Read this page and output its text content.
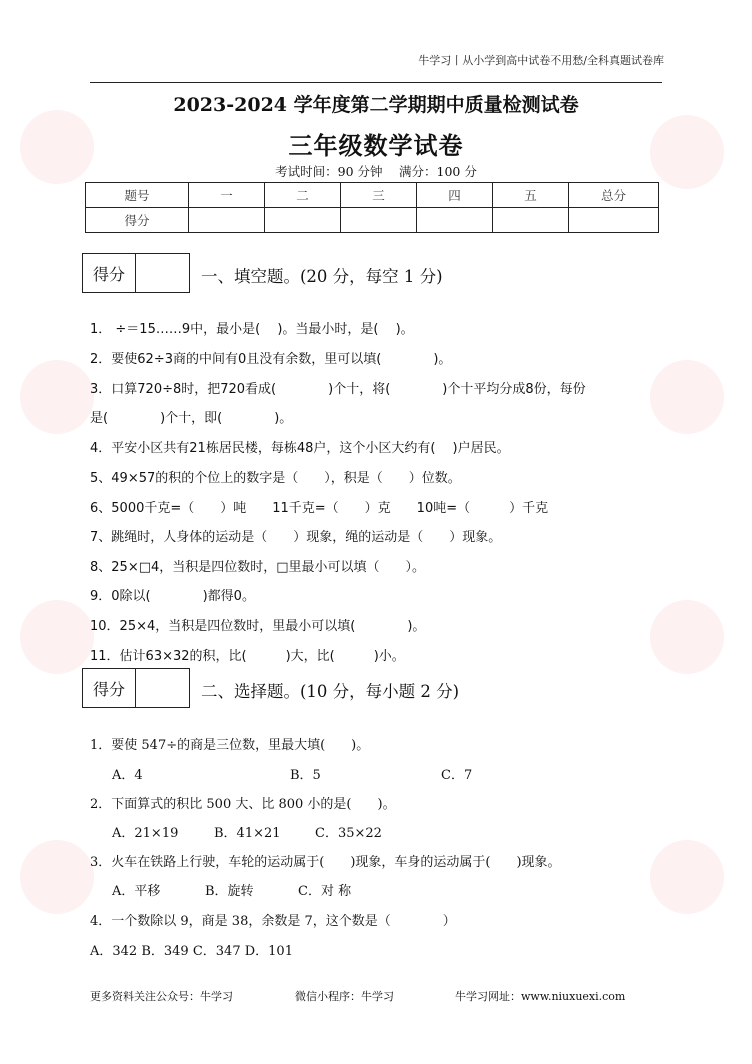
牛学习丨从小学到高中试卷不用愁/全科真题试卷库
2023-2024 学年度第二学期期中质量检测试卷
三年级数学试卷
考试时间：90 分钟　 满分：100 分
题号	一	二	三	四	五	总分
得分						
得分	一、填空题。(20 分，每空 1 分)
1． ÷＝15……9中，最小是(　 )。当最小时，是(　 )。
2．要使62÷3商的中间有0且没有余数，里可以填(　　　　)。
3．口算720÷8时，把720看成(　　　　)个十，将(　　　　)个十平均分成8份，每份
是(　　　　)个十，即(　　　　)。
4．平安小区共有21栋居民楼，每栋48户，这个小区大约有(　 )户居民。
5、49×57的积的个位上的数字是（　　），积是（　　）位数。
6、5000千克=（　　）吨　　11千克=（　　）克　　10吨=（　　　）千克
7、跳绳时，人身体的运动是（　　）现象，绳的运动是（　　）现象。
8、25×□4，当积是四位数时，□里最小可以填（　　）。
9．0除以(　　　　)都得0。
10．25×4，当积是四位数时，里最小可以填(　　　　)。
11．估计63×32的积，比(　　　)大，比(　　　)小。
得分	二、选择题。(10 分，每小题 2 分)
1．要使 547÷的商是三位数，里最大填(　　)。
A．4	B．5	C．7
2．下面算式的积比 500 大、比 800 小的是(　　)。
A．21×19	B．41×21	C．35×22
3．火车在铁路上行驶，车轮的运动属于(　　)现象，车身的运动属于(　　)现象。
A．平移	B．旋转	C．对 称
4．一个数除以 9，商是 38，余数是 7，这个数是（　　　　）
A．342 B．349 C．347 D．101
更多资料关注公众号：牛学习	微信小程序：牛学习	牛学习网址：www.niuxuexi.com
